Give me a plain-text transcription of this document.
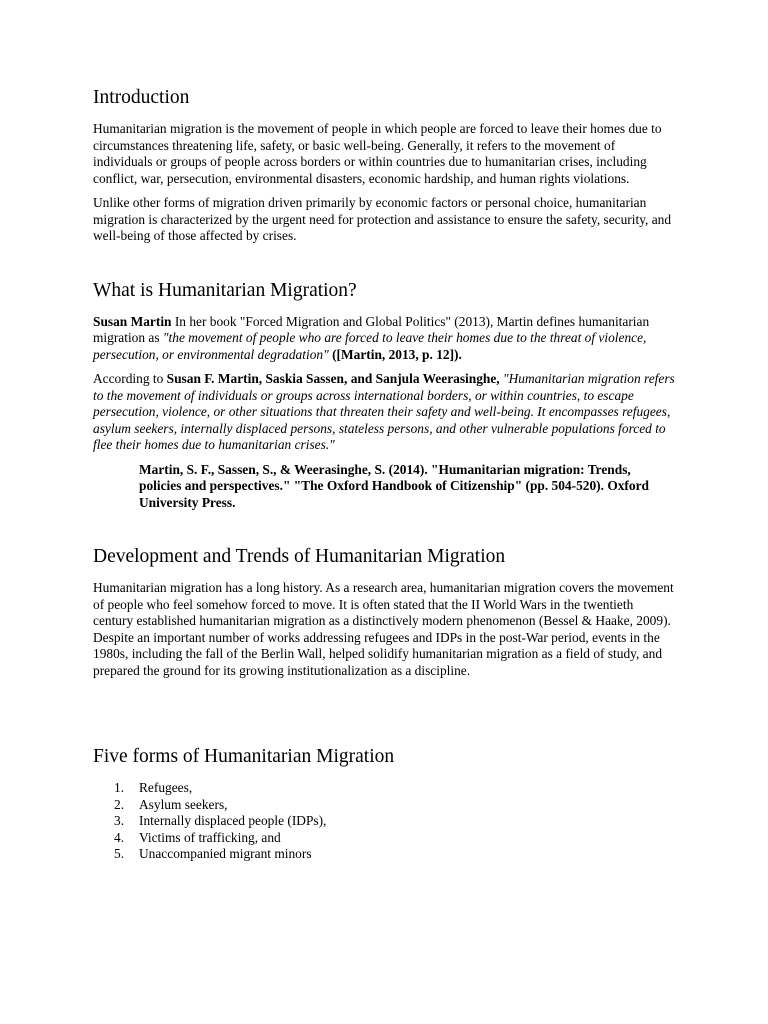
Introduction

Humanitarian migration is the movement of people in which people are forced to leave their homes due to circumstances threatening life, safety, or basic well-being. Generally, it refers to the movement of individuals or groups of people across borders or within countries due to humanitarian crises, including conflict, war, persecution, environmental disasters, economic hardship, and human rights violations.

Unlike other forms of migration driven primarily by economic factors or personal choice, humanitarian migration is characterized by the urgent need for protection and assistance to ensure the safety, security, and well-being of those affected by crises.

What is Humanitarian Migration?

Susan Martin In her book "Forced Migration and Global Politics" (2013), Martin defines humanitarian migration as "the movement of people who are forced to leave their homes due to the threat of violence, persecution, or environmental degradation" ([Martin, 2013, p. 12]).

According to Susan F. Martin, Saskia Sassen, and Sanjula Weerasinghe, "Humanitarian migration refers to the movement of individuals or groups across international borders, or within countries, to escape persecution, violence, or other situations that threaten their safety and well-being. It encompasses refugees, asylum seekers, internally displaced persons, stateless persons, and other vulnerable populations forced to flee their homes due to humanitarian crises."

Martin, S. F., Sassen, S., & Weerasinghe, S. (2014). "Humanitarian migration: Trends, policies and perspectives." "The Oxford Handbook of Citizenship" (pp. 504-520). Oxford University Press.
Development and Trends of Humanitarian Migration

Humanitarian migration has a long history. As a research area, humanitarian migration covers the movement of people who feel somehow forced to move. It is often stated that the II World Wars in the twentieth century established humanitarian migration as a distinctively modern phenomenon (Bessel & Haake, 2009). Despite an important number of works addressing refugees and IDPs in the post-War period, events in the 1980s, including the fall of the Berlin Wall, helped solidify humanitarian migration as a field of study, and prepared the ground for its growing institutionalization as a discipline.

Five forms of Humanitarian Migration
1.	Refugees,
2.	Asylum seekers,
3.	Internally displaced people (IDPs),
4.	Victims of trafficking, and
5.	Unaccompanied migrant minors
